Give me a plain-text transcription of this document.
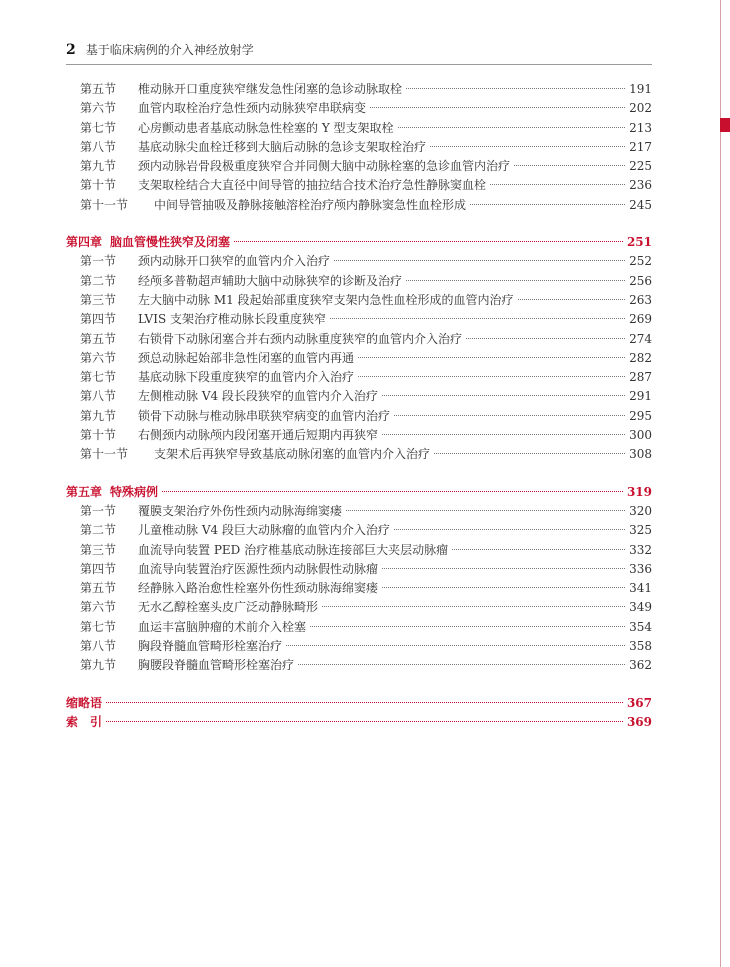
2 基于临床病例的介入神经放射学
第五节	椎动脉开口重度狭窄继发急性闭塞的急诊动脉取栓	191
第六节	血管内取栓治疗急性颈内动脉狭窄串联病变	202
第七节	心房颤动患者基底动脉急性栓塞的 Y 型支架取栓	213
第八节	基底动脉尖血栓迁移到大脑后动脉的急诊支架取栓治疗	217
第九节	颈内动脉岩骨段极重度狭窄合并同侧大脑中动脉栓塞的急诊血管内治疗	225
第十节	支架取栓结合大直径中间导管的抽拉结合技术治疗急性静脉窦血栓	236
第十一节	中间导管抽吸及静脉接触溶栓治疗颅内静脉窦急性血栓形成	245
第四章 脑血管慢性狭窄及闭塞	251
第一节	颈内动脉开口狭窄的血管内介入治疗	252
第二节	经颅多普勒超声辅助大脑中动脉狭窄的诊断及治疗	256
第三节	左大脑中动脉 M1 段起始部重度狭窄支架内急性血栓形成的血管内治疗	263
第四节	LVIS 支架治疗椎动脉长段重度狭窄	269
第五节	右锁骨下动脉闭塞合并右颈内动脉重度狭窄的血管内介入治疗	274
第六节	颈总动脉起始部非急性闭塞的血管内再通	282
第七节	基底动脉下段重度狭窄的血管内介入治疗	287
第八节	左侧椎动脉 V4 段长段狭窄的血管内介入治疗	291
第九节	锁骨下动脉与椎动脉串联狭窄病变的血管内治疗	295
第十节	右侧颈内动脉颅内段闭塞开通后短期内再狭窄	300
第十一节	支架术后再狭窄导致基底动脉闭塞的血管内介入治疗	308
第五章 特殊病例	319
第一节	覆膜支架治疗外伤性颈内动脉海绵窦瘘	320
第二节	儿童椎动脉 V4 段巨大动脉瘤的血管内介入治疗	325
第三节	血流导向装置 PED 治疗椎基底动脉连接部巨大夹层动脉瘤	332
第四节	血流导向装置治疗医源性颈内动脉假性动脉瘤	336
第五节	经静脉入路治愈性栓塞外伤性颈动脉海绵窦瘘	341
第六节	无水乙醇栓塞头皮广泛动静脉畸形	349
第七节	血运丰富脑肿瘤的术前介入栓塞	354
第八节	胸段脊髓血管畸形栓塞治疗	358
第九节	胸腰段脊髓血管畸形栓塞治疗	362
缩略语	367
索　引	369
